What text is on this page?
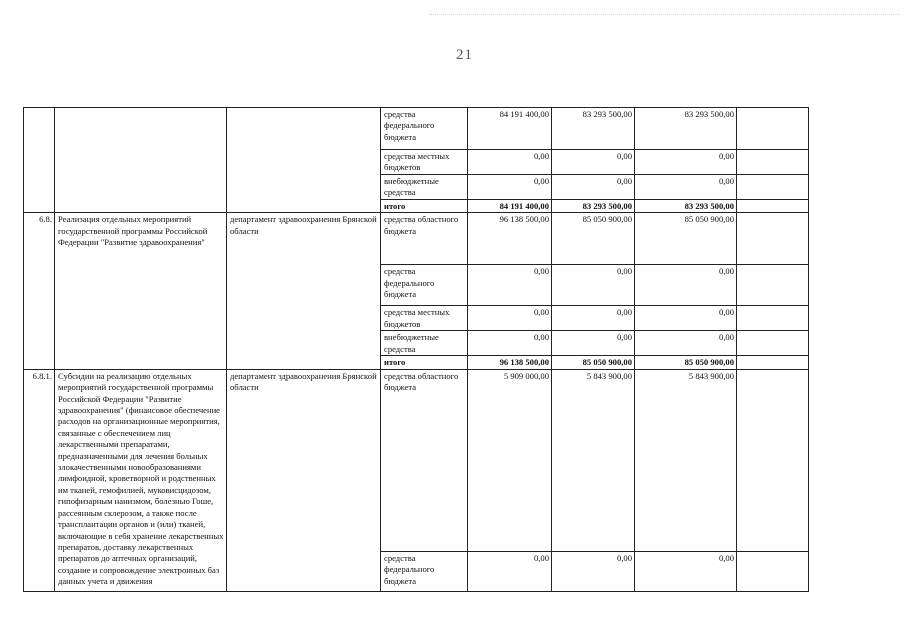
21
			средства федерального бюджета	84 191 400,00	83 293 500,00	83 293 500,00	
			средства местных бюджетов	0,00	0,00	0,00	
			внебюджетные средства	0,00	0,00	0,00	
			итого	84 191 400,00	83 293 500,00	83 293 500,00	
6.8.	Реализация отдельных мероприятий государственной программы Российской Федерации "Развитие здравоохранения"	департамент здравоохранения Брянской области	средства областного бюджета	96 138 500,00	85 050 900,00	85 050 900,00	
			средства федерального бюджета	0,00	0,00	0,00	
			средства местных бюджетов	0,00	0,00	0,00	
			внебюджетные средства	0,00	0,00	0,00	
			итого	96 138 500,00	85 050 900,00	85 050 900,00	
6.8.1.	Субсидии на реализацию отдельных мероприятий государственной программы Российской Федерации "Развитие здравоохранения" (финансовое обеспечение расходов на организационные мероприятия, связанные с обеспечением лиц лекарственными препаратами, предназначенными для лечения больных злокачественными новообразованиями лимфоидной, кроветворной и родственных им тканей, гемофилией, муковисцидозом, гипофизарным нанизмом, болезнью Гоше, рассеянным склерозом, а также после трансплантации органов и (или) тканей, включающие в себя хранение лекарственных препаратов, доставку лекарственных препаратов до аптечных организаций, создание и сопровождение электронных баз данных учета и движения	департамент здравоохранения Брянской области	средства областного бюджета	5 909 000,00	5 843 900,00	5 843 900,00	
			средства федерального бюджета	0,00	0,00	0,00	
